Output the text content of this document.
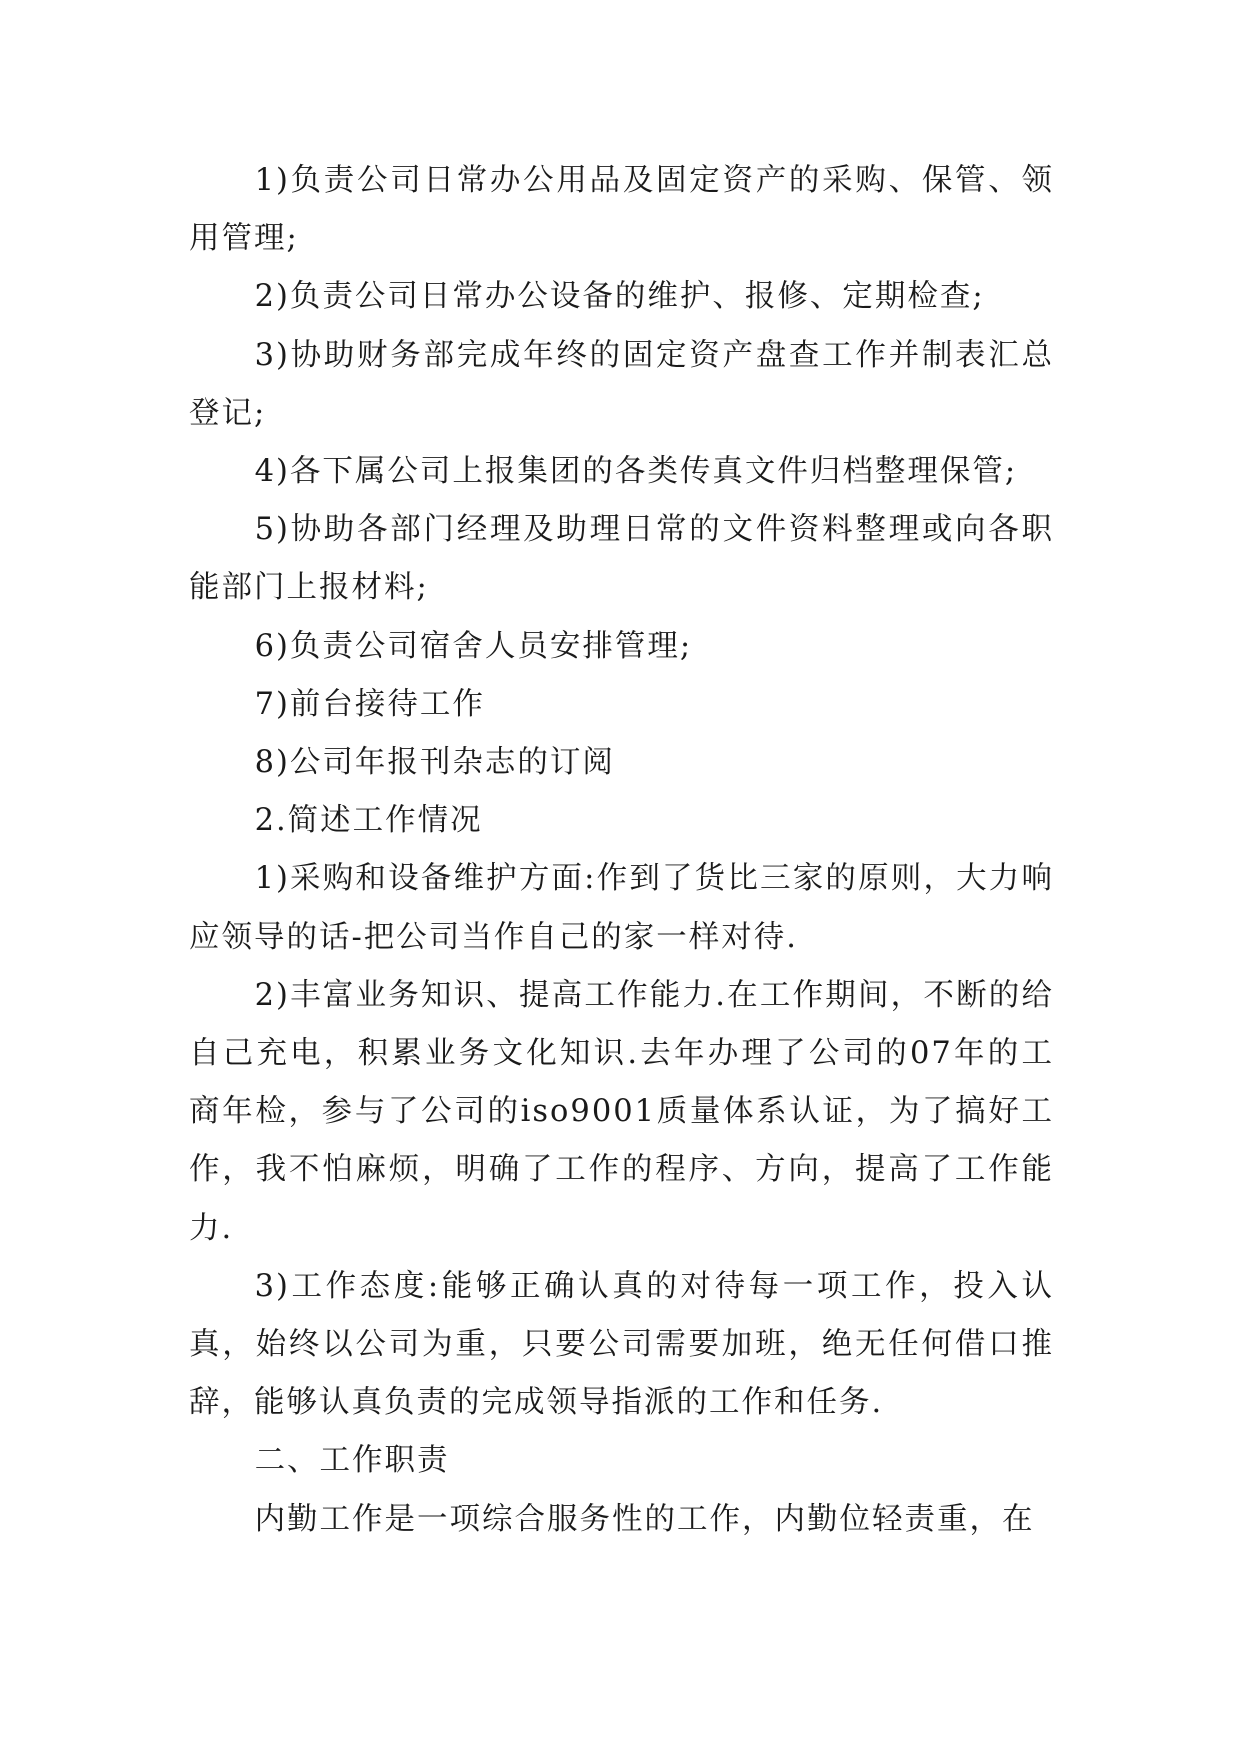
1)负责公司日常办公用品及固定资产的采购、保管、领用管理;

2)负责公司日常办公设备的维护、报修、定期检查;

3)协助财务部完成年终的固定资产盘查工作并制表汇总登记;

4)各下属公司上报集团的各类传真文件归档整理保管;

5)协助各部门经理及助理日常的文件资料整理或向各职能部门上报材料;

6)负责公司宿舍人员安排管理;

7)前台接待工作

8)公司年报刊杂志的订阅

2.简述工作情况

1)采购和设备维护方面:作到了货比三家的原则，大力响应领导的话-把公司当作自己的家一样对待.

2)丰富业务知识、提高工作能力.在工作期间，不断的给自己充电，积累业务文化知识.去年办理了公司的07年的工商年检，参与了公司的iso9001质量体系认证，为了搞好工作，我不怕麻烦，明确了工作的程序、方向，提高了工作能力.

3)工作态度:能够正确认真的对待每一项工作，投入认真，始终以公司为重，只要公司需要加班，绝无任何借口推辞，能够认真负责的完成领导指派的工作和任务.

二、工作职责

内勤工作是一项综合服务性的工作，内勤位轻责重，在
